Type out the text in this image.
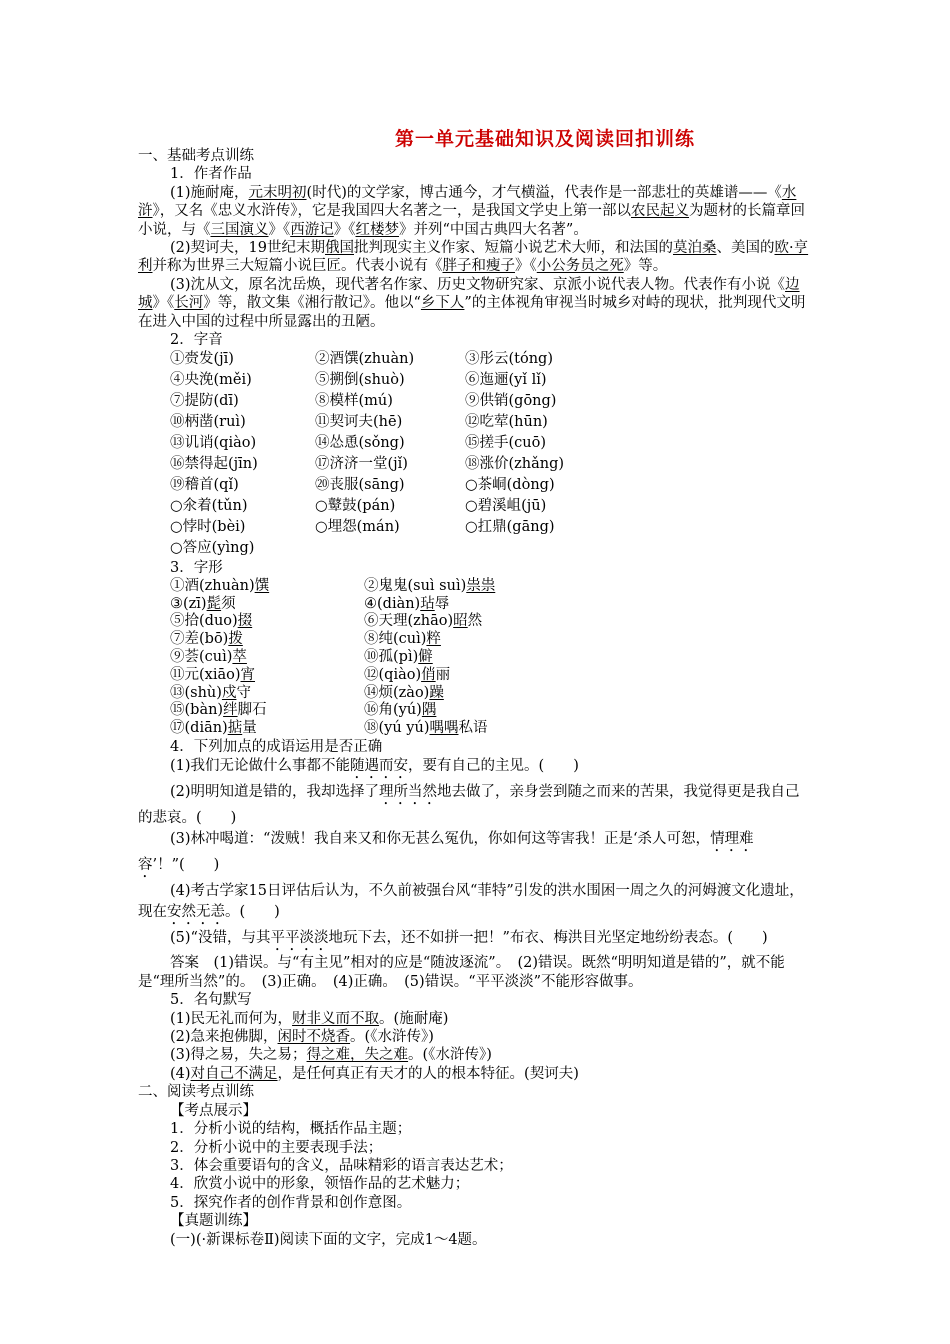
第一单元基础知识及阅读回扣训练

一、基础考点训练

1．作者作品

(1)施耐庵，元末明初(时代)的文学家，博古通今，才气横溢，代表作是一部悲壮的英雄谱——《水浒》，又名《忠义水浒传》，它是我国四大名著之一，是我国文学史上第一部以农民起义为题材的长篇章回小说，与《三国演义》《西游记》《红楼梦》并列“中国古典四大名著”。

(2)契诃夫，19世纪末期俄国批判现实主义作家、短篇小说艺术大师，和法国的莫泊桑、美国的欧·亨利并称为世界三大短篇小说巨匠。代表小说有《胖子和瘦子》《小公务员之死》等。

(3)沈从文，原名沈岳焕，现代著名作家、历史文物研究家、京派小说代表人物。代表作有小说《边城》《长河》等，散文集《湘行散记》。他以“乡下人”的主体视角审视当时城乡对峙的现状，批判现代文明在进入中国的过程中所显露出的丑陋。

2．字音

①赍发(jī)	②酒馔(zhuàn)	③彤云(tóng)
④央浼(měi)	⑤搠倒(shuò)	⑥迤逦(yǐ lǐ)
⑦提防(dī)	⑧模样(mú)	⑨供销(gōng)
⑩柄凿(ruì)	⑪契诃夫(hē)	⑫吃荤(hūn)
⑬讥诮(qiào)	⑭怂恿(sǒng)	⑮搓手(cuō)
⑯禁得起(jīn)	⑰济济一堂(jǐ)	⑱涨价(zhǎng)
⑲稽首(qǐ)	⑳丧服(sāng)	○茶峒(dòng)
○氽着(tǔn)	○鼙鼓(pán)	○碧溪岨(jū)
○悖时(bèi)	○埋怨(mán)	○扛鼎(gāng)
○答应(yìng)

3．字形

①酒(zhuàn)馔	②鬼鬼(suì suì)祟祟
③(zī)髭须	④(diàn)玷辱
⑤拾(duo)掇	⑥天理(zhāo)昭然
⑦差(bō)拨	⑧纯(cuì)粹
⑨荟(cuì)萃	⑩孤(pì)僻
⑪元(xiāo)宵	⑫(qiào)俏丽
⑬(shù)戍守	⑭烦(zào)躁
⑮(bàn)绊脚石	⑯角(yú)隅
⑰(diān)掂量	⑱(yú yú)喁喁私语

4．下列加点的成语运用是否正确

(1)我们无论做什么事都不能随遇而安，要有自己的主见。(　　)

(2)明明知道是错的，我却选择了理所当然地去做了，亲身尝到随之而来的苦果，我觉得更是我自己的悲哀。(　　)

(3)林冲喝道：“泼贼！我自来又和你无甚么冤仇，你如何这等害我！正是‘杀人可恕，情理难容’！”(　　)

(4)考古学家15日评估后认为，不久前被强台风“菲特”引发的洪水围困一周之久的河姆渡文化遗址，现在安然无恙。(　　)

(5)“没错，与其平平淡淡地玩下去，还不如拼一把！”布衣、梅洪目光坚定地纷纷表态。(　　)

答案　(1)错误。与“有主见”相对的应是“随波逐流”。　(2)错误。既然“明明知道是错的”，就不能是“理所当然”的。　(3)正确。　(4)正确。　(5)错误。“平平淡淡”不能形容做事。

5．名句默写

(1)民无礼而何为，财非义而不取。(施耐庵)

(2)急来抱佛脚，闲时不烧香。(《水浒传》)

(3)得之易，失之易；得之难，失之难。(《水浒传》)

(4)对自己不满足，是任何真正有天才的人的根本特征。(契诃夫)

二、阅读考点训练

【考点展示】

1．分析小说的结构，概括作品主题；
2．分析小说中的主要表现手法；
3．体会重要语句的含义，品味精彩的语言表达艺术；
4．欣赏小说中的形象，领悟作品的艺术魅力；
5．探究作者的创作背景和创作意图。

【真题训练】

(一)(·新课标卷Ⅱ)阅读下面的文字，完成1～4题。
